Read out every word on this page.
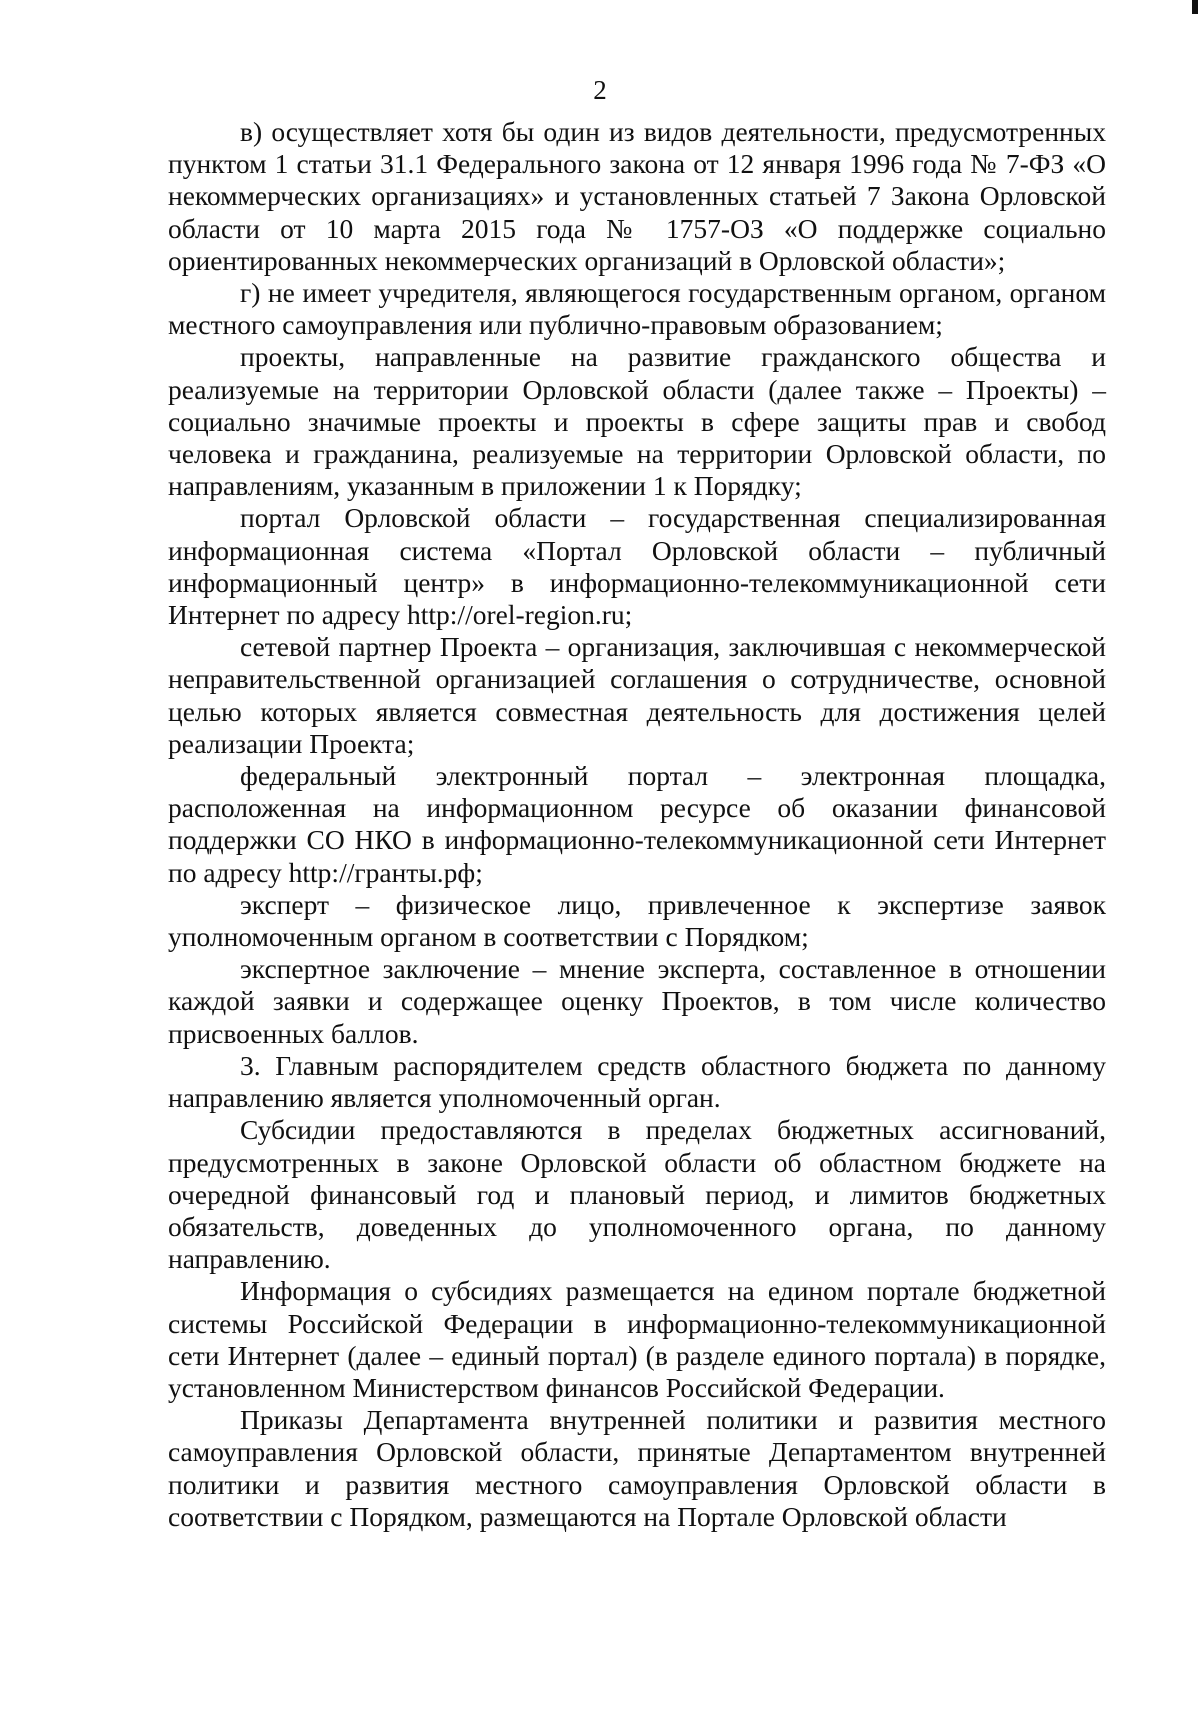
2

в) осуществляет хотя бы один из видов деятельности, предусмотренных пунктом 1 статьи 31.1 Федерального закона от 12 января 1996 года № 7-ФЗ «О некоммерческих организациях» и установленных статьей 7 Закона Орловской области от 10 марта 2015 года № 1757-ОЗ «О поддержке социально ориентированных некоммерческих организаций в Орловской области»;

г) не имеет учредителя, являющегося государственным органом, органом местного самоуправления или публично-правовым образованием;

проекты, направленные на развитие гражданского общества и реализуемые на территории Орловской области (далее также – Проекты) – социально значимые проекты и проекты в сфере защиты прав и свобод человека и гражданина, реализуемые на территории Орловской области, по направлениям, указанным в приложении 1 к Порядку;

портал Орловской области – государственная специализированная информационная система «Портал Орловской области – публичный информационный центр» в информационно-телекоммуникационной сети Интернет по адресу http://orel-region.ru;

сетевой партнер Проекта – организация, заключившая с некоммерческой неправительственной организацией соглашения о сотрудничестве, основной целью которых является совместная деятельность для достижения целей реализации Проекта;

федеральный электронный портал – электронная площадка, расположенная на информационном ресурсе об оказании финансовой поддержки СО НКО в информационно-телекоммуникационной сети Интернет по адресу http://гранты.рф;

эксперт – физическое лицо, привлеченное к экспертизе заявок уполномоченным органом в соответствии с Порядком;

экспертное заключение – мнение эксперта, составленное в отношении каждой заявки и содержащее оценку Проектов, в том числе количество присвоенных баллов.

3. Главным распорядителем средств областного бюджета по данному направлению является уполномоченный орган.

Субсидии предоставляются в пределах бюджетных ассигнований, предусмотренных в законе Орловской области об областном бюджете на очередной финансовый год и плановый период, и лимитов бюджетных обязательств, доведенных до уполномоченного органа, по данному направлению.

Информация о субсидиях размещается на едином портале бюджетной системы Российской Федерации в информационно-телекоммуникационной сети Интернет (далее – единый портал) (в разделе единого портала) в порядке, установленном Министерством финансов Российской Федерации.

Приказы Департамента внутренней политики и развития местного самоуправления Орловской области, принятые Департаментом внутренней политики и развития местного самоуправления Орловской области в соответствии с Порядком, размещаются на Портале Орловской области
